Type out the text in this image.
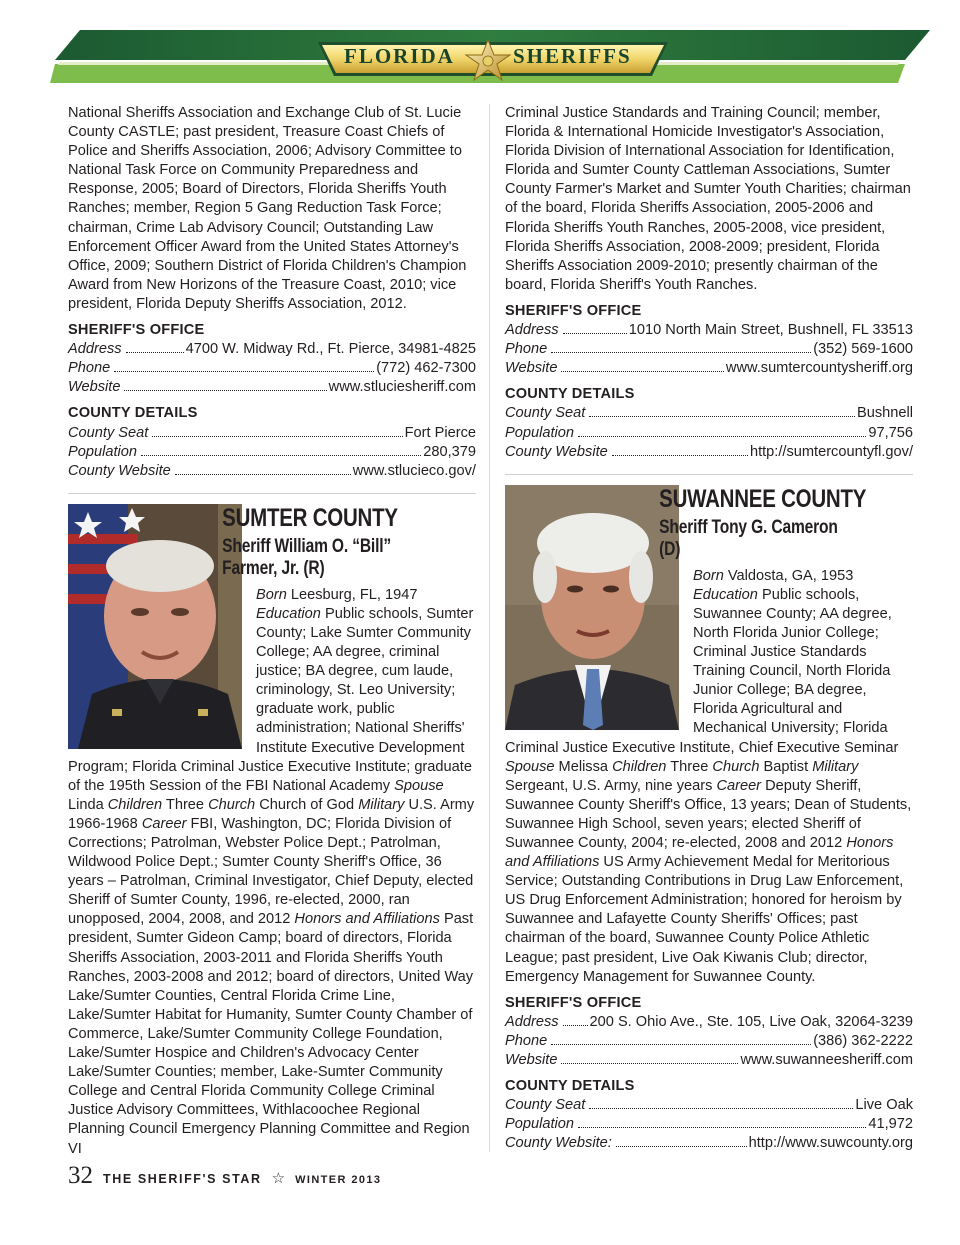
FLORIDA	SHERIFFS

National Sheriffs Association and Exchange Club of St. Lucie County CASTLE; past president, Treasure Coast Chiefs of Police and Sheriffs Association, 2006; Advisory Committee to National Task Force on Community Preparedness and Response, 2005; Board of Directors, Florida Sheriffs Youth Ranches; member, Region 5 Gang Reduction Task Force; chairman, Crime Lab Advisory Council; Outstanding Law Enforcement Officer Award from the United States Attorney's Office, 2009; Southern District of Florida Children's Champion Award from New Horizons of the Treasure Coast, 2010; vice president, Florida Deputy Sheriffs Association, 2012.

SHERIFF'S OFFICE
Address	4700 W. Midway Rd., Ft. Pierce, 34981-4825
Phone	(772) 462-7300
Website	www.stluciesheriff.com
COUNTY DETAILS
County Seat	Fort Pierce
Population	280,379
County Website	www.stlucieco.gov/
SUMTER COUNTY
Sheriff William O. “Bill” Farmer, Jr. (R)

Born Leesburg, FL, 1947
Education Public schools, Sumter County; Lake Sumter Community College; AA degree, criminal justice; BA degree, cum laude, criminology, St. Leo University; graduate work, public administration; National Sheriffs' Institute Executive Development Program; Florida Criminal Justice Executive Institute; graduate of the 195th Session of the FBI National Academy Spouse Linda Children Three Church Church of God Military U.S. Army 1966-1968 Career FBI, Washington, DC; Florida Division of Corrections; Patrolman, Webster Police Dept.; Patrolman, Wildwood Police Dept.; Sumter County Sheriff's Office, 36 years – Patrolman, Criminal Investigator, Chief Deputy, elected Sheriff of Sumter County, 1996, re-elected, 2000, ran unopposed, 2004, 2008, and 2012 Honors and Affiliations Past president, Sumter Gideon Camp; board of directors, Florida Sheriffs Association, 2003-2011 and Florida Sheriffs Youth Ranches, 2003-2008 and 2012; board of directors, United Way Lake/Sumter Counties, Central Florida Crime Line, Lake/Sumter Habitat for Humanity, Sumter County Chamber of Commerce, Lake/Sumter Community College Foundation, Lake/Sumter Hospice and Children's Advocacy Center Lake/Sumter Counties; member, Lake-Sumter Community College and Central Florida Community College Criminal Justice Advisory Committees, Withlacoochee Regional Planning Council Emergency Planning Committee and Region VI

Criminal Justice Standards and Training Council; member, Florida & International Homicide Investigator's Association, Florida Division of International Association for Identification, Florida and Sumter County Cattleman Associations, Sumter County Farmer's Market and Sumter Youth Charities; chairman of the board, Florida Sheriffs Association, 2005-2006 and Florida Sheriffs Youth Ranches, 2005-2008, vice president, Florida Sheriffs Association, 2008-2009; president, Florida Sheriffs Association 2009-2010; presently chairman of the board, Florida Sheriff's Youth Ranches.

SHERIFF'S OFFICE
Address	1010 North Main Street, Bushnell, FL 33513
Phone	(352) 569-1600
Website	www.sumtercountysheriff.org
COUNTY DETAILS
County Seat	Bushnell
Population	97,756
County Website	http://sumtercountyfl.gov/
SUWANNEE COUNTY
Sheriff Tony G. Cameron (D)

Born Valdosta, GA, 1953 Education Public schools, Suwannee County; AA degree, North Florida Junior College; Criminal Justice Standards Training Council, North Florida Junior College; BA degree, Florida Agricultural and Mechanical University; Florida Criminal Justice Executive Institute, Chief Executive Seminar Spouse Melissa Children Three Church Baptist Military Sergeant, U.S. Army, nine years Career Deputy Sheriff, Suwannee County Sheriff's Office, 13 years; Dean of Students, Suwannee High School, seven years; elected Sheriff of Suwannee County, 2004; re-elected, 2008 and 2012 Honors and Affiliations US Army Achievement Medal for Meritorious Service; Outstanding Contributions in Drug Law Enforcement, US Drug Enforcement Administration; honored for heroism by Suwannee and Lafayette County Sheriffs' Offices; past chairman of the board, Suwannee County Police Athletic League; past president, Live Oak Kiwanis Club; director, Emergency Management for Suwannee County.

SHERIFF'S OFFICE
Address 200 S. Ohio Ave., Ste. 105, Live Oak, 32064-3239
Phone	(386) 362-2222
Website	www.suwanneesheriff.com
COUNTY DETAILS
County Seat	Live Oak
Population	41,972
County Website:	http://www.suwcounty.org
32 THE SHERIFF'S STAR ☆ WINTER 2013
